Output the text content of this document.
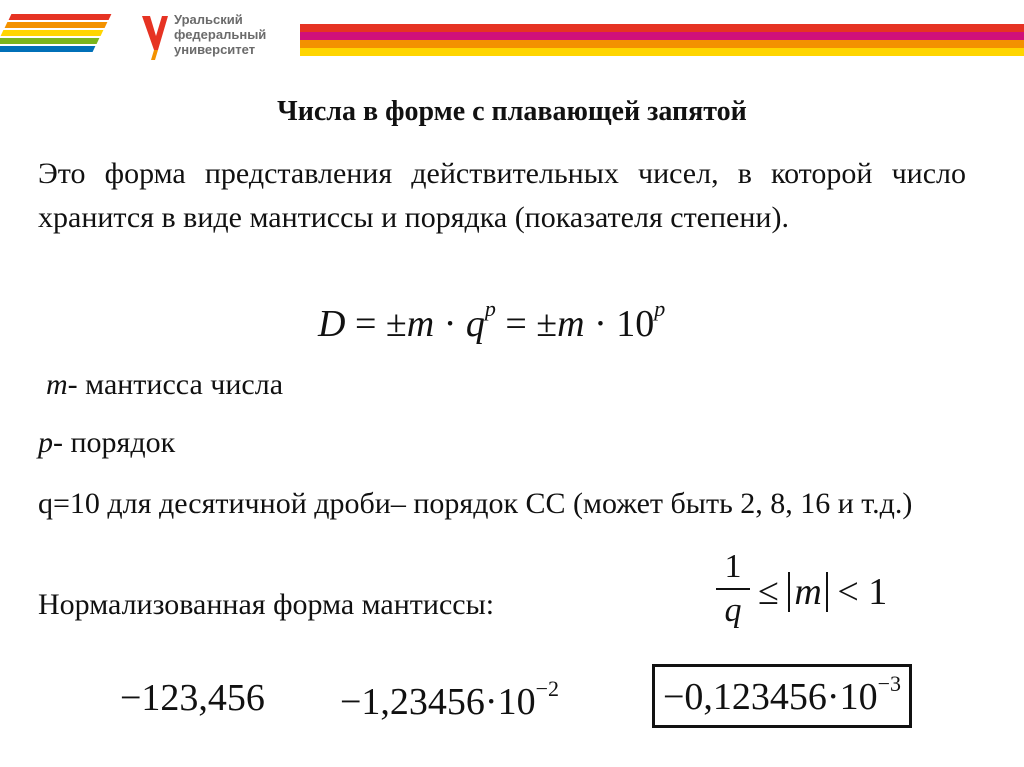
Уральский
федеральный
университет
Числа в форме с плавающей запятой
Это форма представления действительных чисел, в которой число хранится в виде мантиссы и порядка (показателя степени).
$D = \pm m \cdot q^p = \pm m \cdot 10^p$
m- мантисса числа
p- порядок
q=10 для десятичной дроби– порядок СС (может быть 2, 8, 16 и т.д.)
Нормализованная форма мантиссы:
1
q ≤ m < 1
$-123,456 -1,23456\cdot 10^{-2}$	$-0,123456\cdot 10^{-3}$
